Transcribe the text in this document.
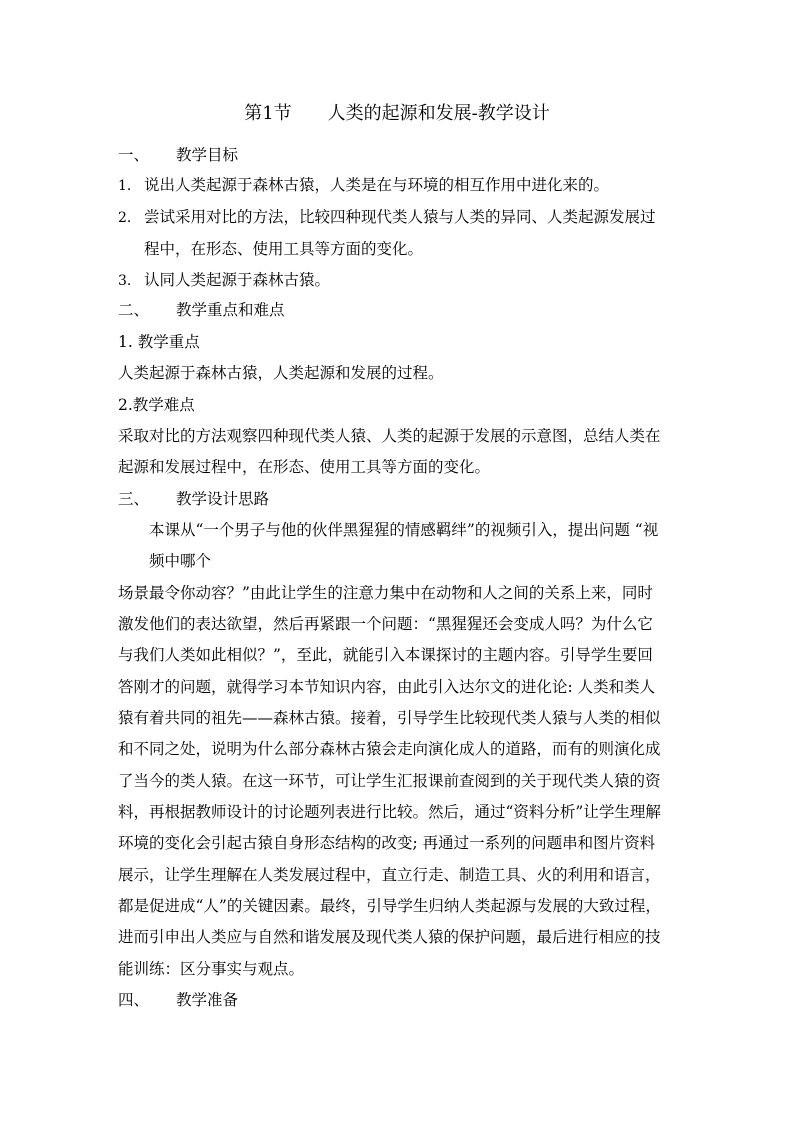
第1节　　人类的起源和发展-教学设计
一、 教学目标
1. 说出人类起源于森林古猿，人类是在与环境的相互作用中进化来的。
2. 尝试采用对比的方法，比较四种现代类人猿与人类的异同、人类起源发展过
程中，在形态、使用工具等方面的变化。
3. 认同人类起源于森林古猿。
二、 教学重点和难点
1. 教学重点
人类起源于森林古猿，人类起源和发展的过程。
2.教学难点
采取对比的方法观察四种现代类人猿、人类的起源于发展的示意图，总结人类在
起源和发展过程中，在形态、使用工具等方面的变化。
三、 教学设计思路
本课从“一个男子与他的伙伴黑猩猩的情感羁绊”的视频引入，提出问题 “视
频中哪个
场景最令你动容？”由此让学生的注意力集中在动物和人之间的关系上来，同时
激发他们的表达欲望，然后再紧跟一个问题：“黑猩猩还会变成人吗？为什么它
与我们人类如此相似？”，至此，就能引入本课探讨的主题内容。引导学生要回
答刚才的问题，就得学习本节知识内容，由此引入达尔文的进化论: 人类和类人
猿有着共同的祖先——森林古猿。接着，引导学生比较现代类人猿与人类的相似
和不同之处，说明为什么部分森林古猿会走向演化成人的道路，而有的则演化成
了当今的类人猿。在这一环节，可让学生汇报课前查阅到的关于现代类人猿的资
料，再根据教师设计的讨论题列表进行比较。然后，通过“资料分析”让学生理解
环境的变化会引起古猿自身形态结构的改变; 再通过一系列的问题串和图片资料
展示，让学生理解在人类发展过程中，直立行走、制造工具、火的利用和语言，
都是促进成“人”的关键因素。最终，引导学生归纳人类起源与发展的大致过程，
进而引申出人类应与自然和谐发展及现代类人猿的保护问题，最后进行相应的技
能训练：区分事实与观点。
四、 教学准备
